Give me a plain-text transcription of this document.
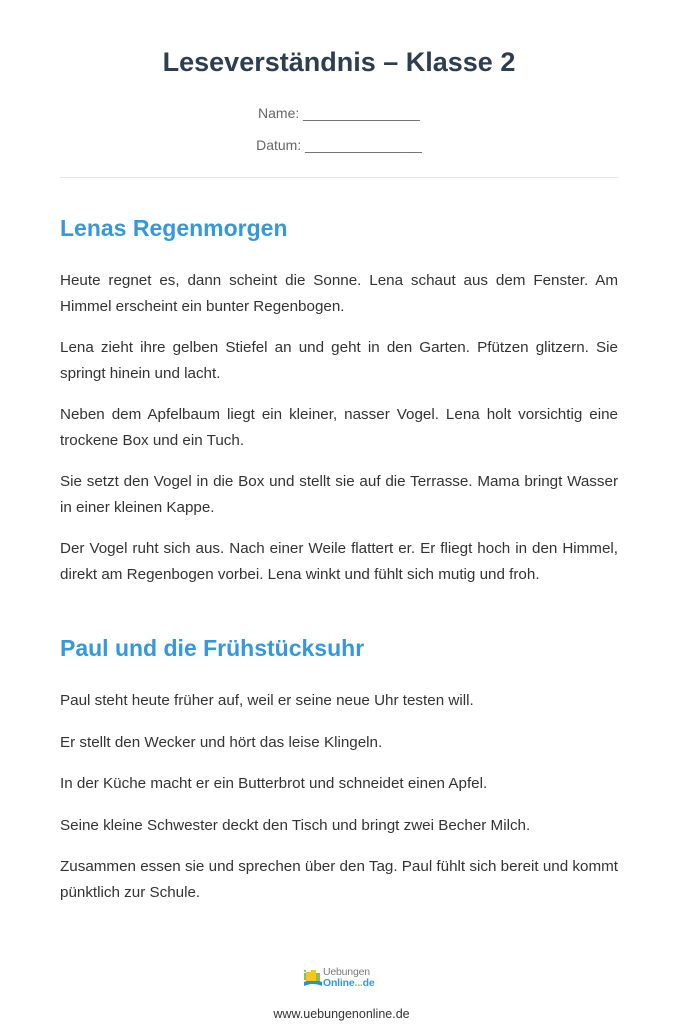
Leseverständnis – Klasse 2
Name: _______________
Datum: _______________
Lenas Regenmorgen

Heute regnet es, dann scheint die Sonne. Lena schaut aus dem Fenster. Am Himmel erscheint ein bunter Regenbogen.

Lena zieht ihre gelben Stiefel an und geht in den Garten. Pfützen glitzern. Sie springt hinein und lacht.

Neben dem Apfelbaum liegt ein kleiner, nasser Vogel. Lena holt vorsichtig eine trockene Box und ein Tuch.

Sie setzt den Vogel in die Box und stellt sie auf die Terrasse. Mama bringt Wasser in einer kleinen Kappe.

Der Vogel ruht sich aus. Nach einer Weile flattert er. Er fliegt hoch in den Himmel, direkt am Regenbogen vorbei. Lena winkt und fühlt sich mutig und froh.

Paul und die Frühstücksuhr

Paul steht heute früher auf, weil er seine neue Uhr testen will.

Er stellt den Wecker und hört das leise Klingeln.

In der Küche macht er ein Butterbrot und schneidet einen Apfel.

Seine kleine Schwester deckt den Tisch und bringt zwei Becher Milch.

Zusammen essen sie und sprechen über den Tag. Paul fühlt sich bereit und kommt pünktlich zur Schule.

Uebungen
Online...de
www.uebungenonline.de
